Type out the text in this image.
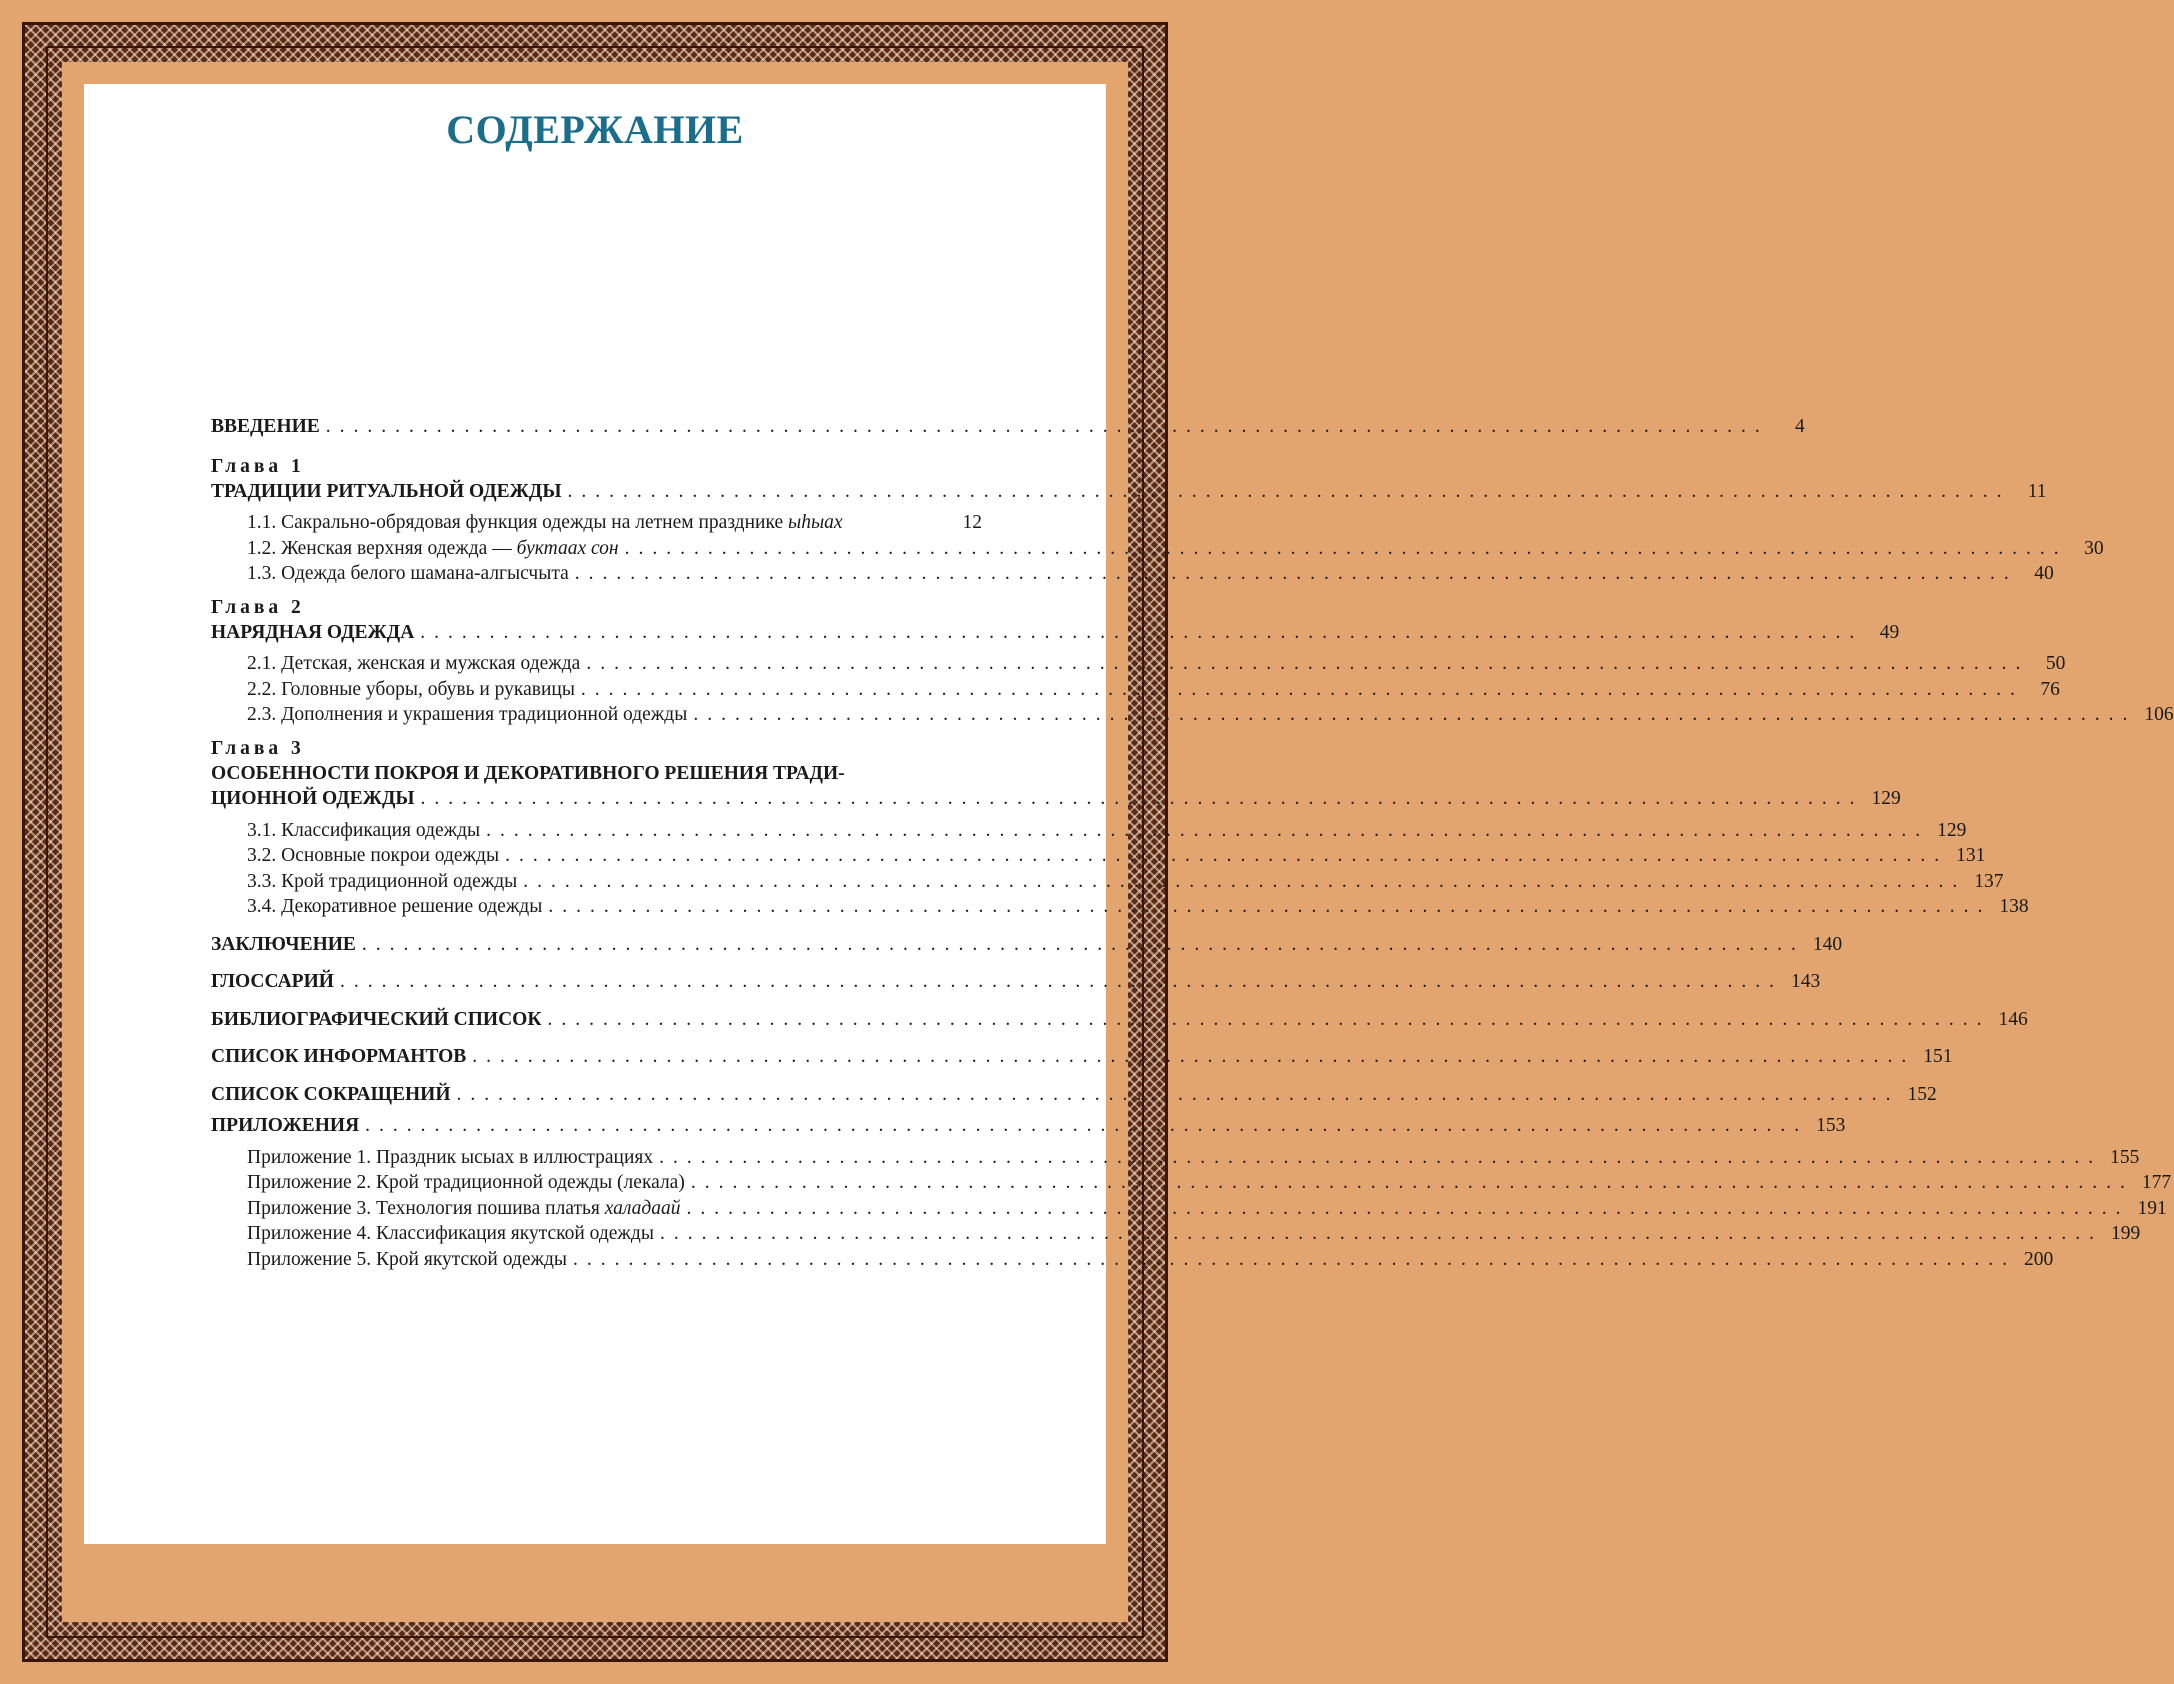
СОДЕРЖАНИЕ
ВВЕДЕНИЕ ........................................................................................................	4
Глава 1
ТРАДИЦИИ РИТУАЛЬНОЙ ОДЕЖДЫ ........................................................................................................ 11
1.1. Сакрально-обрядовая функция одежды на летнем празднике ыhыах	12
1.2. Женская верхняя одежда — буктаах сон ........................................................................................................ 30
1.3. Одежда белого шамана-алгысчыта ........................................................................................................ 40
Глава 2
НАРЯДНАЯ ОДЕЖДА ........................................................................................................ 49
2.1. Детская, женская и мужская одежда ........................................................................................................ 50
2.2. Головные уборы, обувь и рукавицы ........................................................................................................ 76
2.3. Дополнения и украшения традиционной одежды ........................................................................................................ 106
Глава 3
ОСОБЕННОСТИ ПОКРОЯ И ДЕКОРАТИВНОГО РЕШЕНИЯ ТРАДИ-
ЦИОННОЙ ОДЕЖДЫ ........................................................................................................ 129
3.1. Классификация одежды ........................................................................................................ 129
3.2. Основные покрои одежды ........................................................................................................ 131
3.3. Крой традиционной одежды ........................................................................................................ 137
3.4. Декоративное решение одежды ........................................................................................................ 138
ЗАКЛЮЧЕНИЕ ........................................................................................................ 140
ГЛОССАРИЙ ........................................................................................................ 143
БИБЛИОГРАФИЧЕСКИЙ СПИСОК ........................................................................................................ 146
СПИСОК ИНФОРМАНТОВ ........................................................................................................ 151
СПИСОК СОКРАЩЕНИЙ ........................................................................................................ 152
ПРИЛОЖЕНИЯ ........................................................................................................ 153
Приложение 1. Праздник ысыах в иллюстрациях ........................................................................................................ 155
Приложение 2. Крой традиционной одежды (лекала) ........................................................................................................ 177
Приложение 3. Технология пошива платья халадаай ........................................................................................................ 191
Приложение 4. Классификация якутской одежды ........................................................................................................ 199
Приложение 5. Крой якутской одежды ........................................................................................................ 200
